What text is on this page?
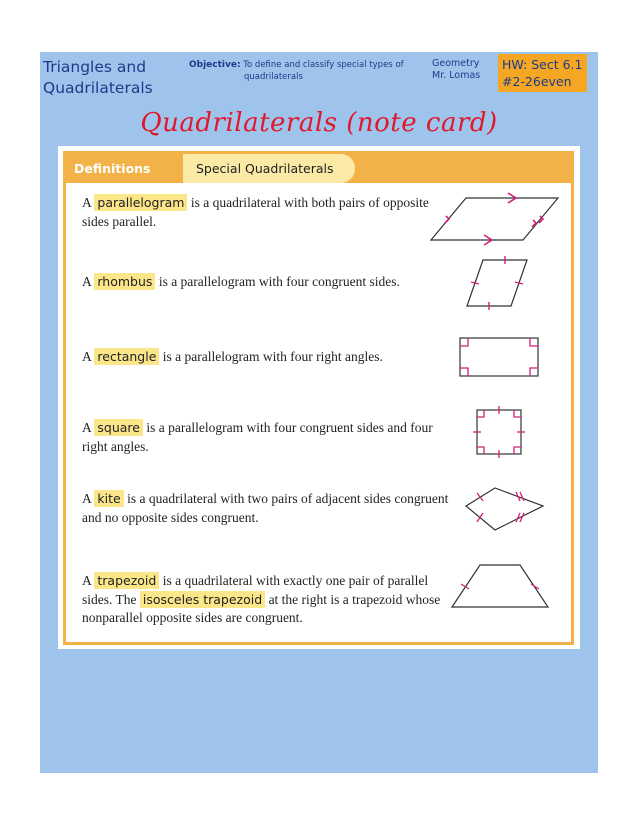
Triangles and
Quadrilaterals
Objective: To define and classify special types of
quadrilaterals
Geometry
Mr. Lomas
HW: Sect 6.1
#2-26even
Quadrilaterals (note card)
Definitions	Special Quadrilaterals
A parallelogram is a quadrilateral with both pairs of opposite sides parallel.
A rhombus is a parallelogram with four congruent sides.
A rectangle is a parallelogram with four right angles.
A square is a parallelogram with four congruent sides and four right angles.
A kite is a quadrilateral with two pairs of adjacent sides congruent and no opposite sides congruent.
A trapezoid is a quadrilateral with exactly one pair of parallel sides. The isosceles trapezoid at the right is a trapezoid whose nonparallel opposite sides are congruent.
